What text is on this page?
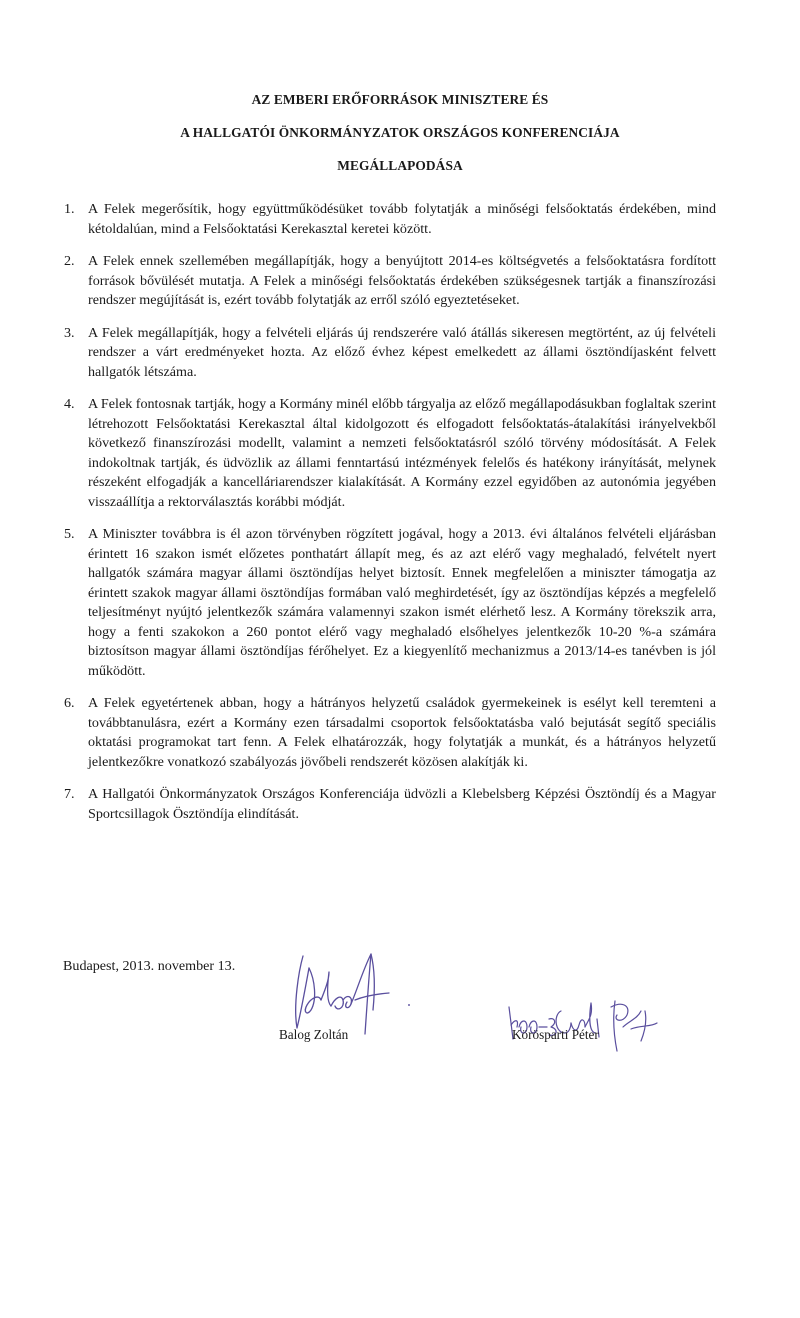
AZ EMBERI ERŐFORRÁSOK MINISZTERE ÉS
A HALLGATÓI ÖNKORMÁNYZATOK ORSZÁGOS KONFERENCIÁJA
MEGÁLLAPODÁSA
1. A Felek megerősítik, hogy együttműködésüket tovább folytatják a minőségi felsőoktatás érdekében, mind kétoldalúan, mind a Felsőoktatási Kerekasztal keretei között.
2. A Felek ennek szellemében megállapítják, hogy a benyújtott 2014-es költségvetés a felsőoktatásra fordított források bővülését mutatja. A Felek a minőségi felsőoktatás érdekében szükségesnek tartják a finanszírozási rendszer megújítását is, ezért tovább folytatják az erről szóló egyeztetéseket.
3. A Felek megállapítják, hogy a felvételi eljárás új rendszerére való átállás sikeresen megtörtént, az új felvételi rendszer a várt eredményeket hozta. Az előző évhez képest emelkedett az állami ösztöndíjasként felvett hallgatók létszáma.
4. A Felek fontosnak tartják, hogy a Kormány minél előbb tárgyalja az előző megállapodásukban foglaltak szerint létrehozott Felsőoktatási Kerekasztal által kidolgozott és elfogadott felsőoktatás-átalakítási irányelvekből következő finanszírozási modellt, valamint a nemzeti felsőoktatásról szóló törvény módosítását. A Felek indokoltnak tartják, és üdvözlik az állami fenntartású intézmények felelős és hatékony irányítását, melynek részeként elfogadják a kancelláriarendszer kialakítását. A Kormány ezzel egyidőben az autonómia jegyében visszaállítja a rektorválasztás korábbi módját.
5. A Miniszter továbbra is él azon törvényben rögzített jogával, hogy a 2013. évi általános felvételi eljárásban érintett 16 szakon ismét előzetes ponthatárt állapít meg, és az azt elérő vagy meghaladó, felvételt nyert hallgatók számára magyar állami ösztöndíjas helyet biztosít. Ennek megfelelően a miniszter támogatja az érintett szakok magyar állami ösztöndíjas formában való meghirdetését, így az ösztöndíjas képzés a megfelelő teljesítményt nyújtó jelentkezők számára valamennyi szakon ismét elérhető lesz. A Kormány törekszik arra, hogy a fenti szakokon a 260 pontot elérő vagy meghaladó elsőhelyes jelentkezők 10-20 %-a számára biztosítson magyar állami ösztöndíjas férőhelyet. Ez a kiegyenlítő mechanizmus a 2013/14-es tanévben is jól működött.
6. A Felek egyetértenek abban, hogy a hátrányos helyzetű családok gyermekeinek is esélyt kell teremteni a továbbtanulásra, ezért a Kormány ezen társadalmi csoportok felsőoktatásba való bejutását segítő speciális oktatási programokat tart fenn. A Felek elhatározzák, hogy folytatják a munkát, és a hátrányos helyzetű jelentkezőkre vonatkozó szabályozás jövőbeli rendszerét közösen alakítják ki.
7. A Hallgatói Önkormányzatok Országos Konferenciája üdvözli a Klebelsberg Képzési Ösztöndíj és a Magyar Sportcsillagok Ösztöndíja elindítását.
Budapest, 2013. november 13.
Balog Zoltán	Körösparti Péter
